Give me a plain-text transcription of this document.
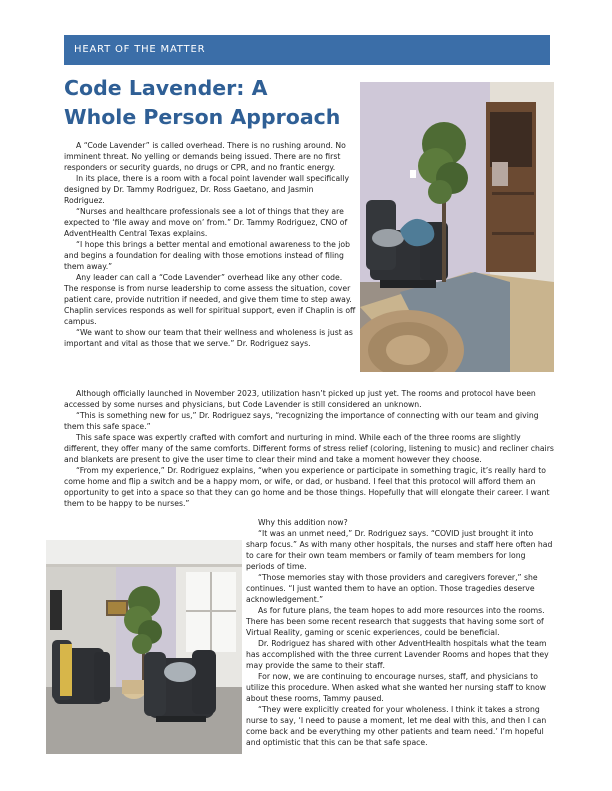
HEART OF THE MATTER
Code Lavender: A
Whole Person Approach

A “Code Lavender” is called overhead. There is no rushing around. No imminent threat. No yelling or demands being issued. There are no first responders or security guards, no drugs or CPR, and no frantic energy.

In its place, there is a room with a focal point lavender wall specifically designed by Dr. Tammy Rodriguez, Dr. Ross Gaetano, and Jasmin Rodriguez.

“Nurses and healthcare professionals see a lot of things that they are expected to ‘file away and move on’ from.” Dr. Tammy Rodriguez, CNO of AdventHealth Central Texas explains.

“I hope this brings a better mental and emotional awareness to the job and begins a foundation for dealing with those emotions instead of filing them away.”

Any leader can call a “Code Lavender” overhead like any other code. The response is from nurse leadership to come assess the situation, cover patient care, provide nutrition if needed, and give them time to step away. Chaplin services responds as well for spiritual support, even if Chaplin is off campus.

“We want to show our team that their wellness and wholeness is just as important and vital as those that we serve.” Dr. Rodriguez says.

Although officially launched in November 2023, utilization hasn’t picked up just yet. The rooms and protocol have been accessed by some nurses and physicians, but Code Lavender is still considered an unknown.

“This is something new for us,” Dr. Rodriguez says, “recognizing the importance of connecting with our team and giving them this safe space.”

This safe space was expertly crafted with comfort and nurturing in mind. While each of the three rooms are slightly different, they offer many of the same comforts. Different forms of stress relief (coloring, listening to music) and recliner chairs and blankets are present to give the user time to clear their mind and take a moment however they choose.

“From my experience,” Dr. Rodriguez explains, “when you experience or participate in something tragic, it’s really hard to come home and flip a switch and be a happy mom, or wife, or dad, or husband. I feel that this protocol will afford them an opportunity to get into a space so that they can go home and be those things. Hopefully that will elongate their career. I want them to be happy to be nurses.”

Why this addition now?

“It was an unmet need,” Dr. Rodriguez says. “COVID just brought it into sharp focus.” As with many other hospitals, the nurses and staff here often had to care for their own team members or family of team members for long periods of time.

“Those memories stay with those providers and caregivers forever,” she continues. “I just wanted them to have an option. Those tragedies deserve acknowledgement.”

As for future plans, the team hopes to add more resources into the rooms. There has been some recent research that suggests that having some sort of Virtual Reality, gaming or scenic experiences, could be beneficial.

Dr. Rodriguez has shared with other AdventHealth hospitals what the team has accomplished with the three current Lavender Rooms and hopes that they may provide the same to their staff.

For now, we are continuing to encourage nurses, staff, and physicians to utilize this procedure. When asked what she wanted her nursing staff to know about these rooms, Tammy paused.

“They were explicitly created for your wholeness. I think it takes a strong nurse to say, ‘I need to pause a moment, let me deal with this, and then I can come back and be everything my other patients and team need.’ I’m hopeful and optimistic that this can be that safe space.
